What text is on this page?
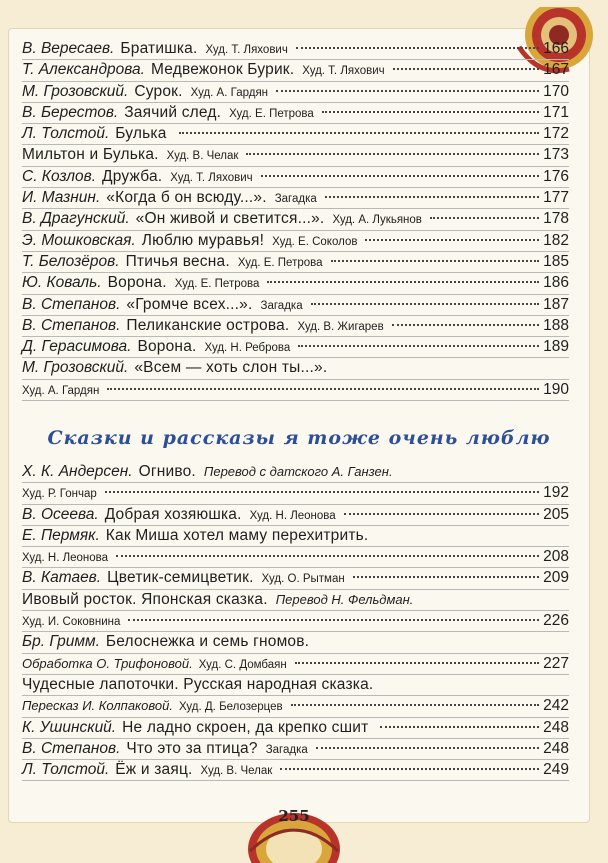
В. Вересаев. Братишка. Худ. Т. Ляхович	166
Т. Александрова. Медвежонок Бурик. Худ. Т. Ляхович	167
М. Грозовский. Сурок. Худ. А. Гардян	170
В. Берестов. Заячий след. Худ. Е. Петрова	171
Л. Толстой. Булька	172
Мильтон и Булька. Худ. В. Челак	173
С. Козлов. Дружба. Худ. Т. Ляхович	176
И. Мазнин. «Когда б он всюду...». Загадка	177
В. Драгунский. «Он живой и светится...». Худ. А. Лукьянов	178
Э. Мошковская. Люблю муравья! Худ. Е. Соколов	182
Т. Белозёров. Птичья весна. Худ. Е. Петрова	185
Ю. Коваль. Ворона. Худ. Е. Петрова	186
В. Степанов. «Громче всех...». Загадка	187
В. Степанов. Пеликанские острова. Худ. В. Жигарев	188
Д. Герасимова. Ворона. Худ. Н. Реброва	189
М. Грозовский. «Всем — хоть слон ты...».
Худ. А. Гардян	190
Сказки и рассказы я тоже очень люблю
Х. К. Андерсен. Огниво. Перевод с датского А. Ганзен.
Худ. Р. Гончар	192
В. Осеева. Добрая хозяюшка. Худ. Н. Леонова	205
Е. Пермяк. Как Миша хотел маму перехитрить.
Худ. Н. Леонова	208
В. Катаев. Цветик-семицветик. Худ. О. Рытман	209
Ивовый росток. Японская сказка. Перевод Н. Фельдман.
Худ. И. Соковнина	226
Бр. Гримм. Белоснежка и семь гномов.
Обработка О. Трифоновой. Худ. С. Домбаян	227
Чудесные лапоточки. Русская народная сказка.
Пересказ И. Колпаковой. Худ. Д. Белозерцев	242
К. Ушинский. Не ладно скроен, да крепко сшит	248
В. Степанов. Что это за птица? Загадка	248
Л. Толстой. Ёж и заяц. Худ. В. Челак	249
255
